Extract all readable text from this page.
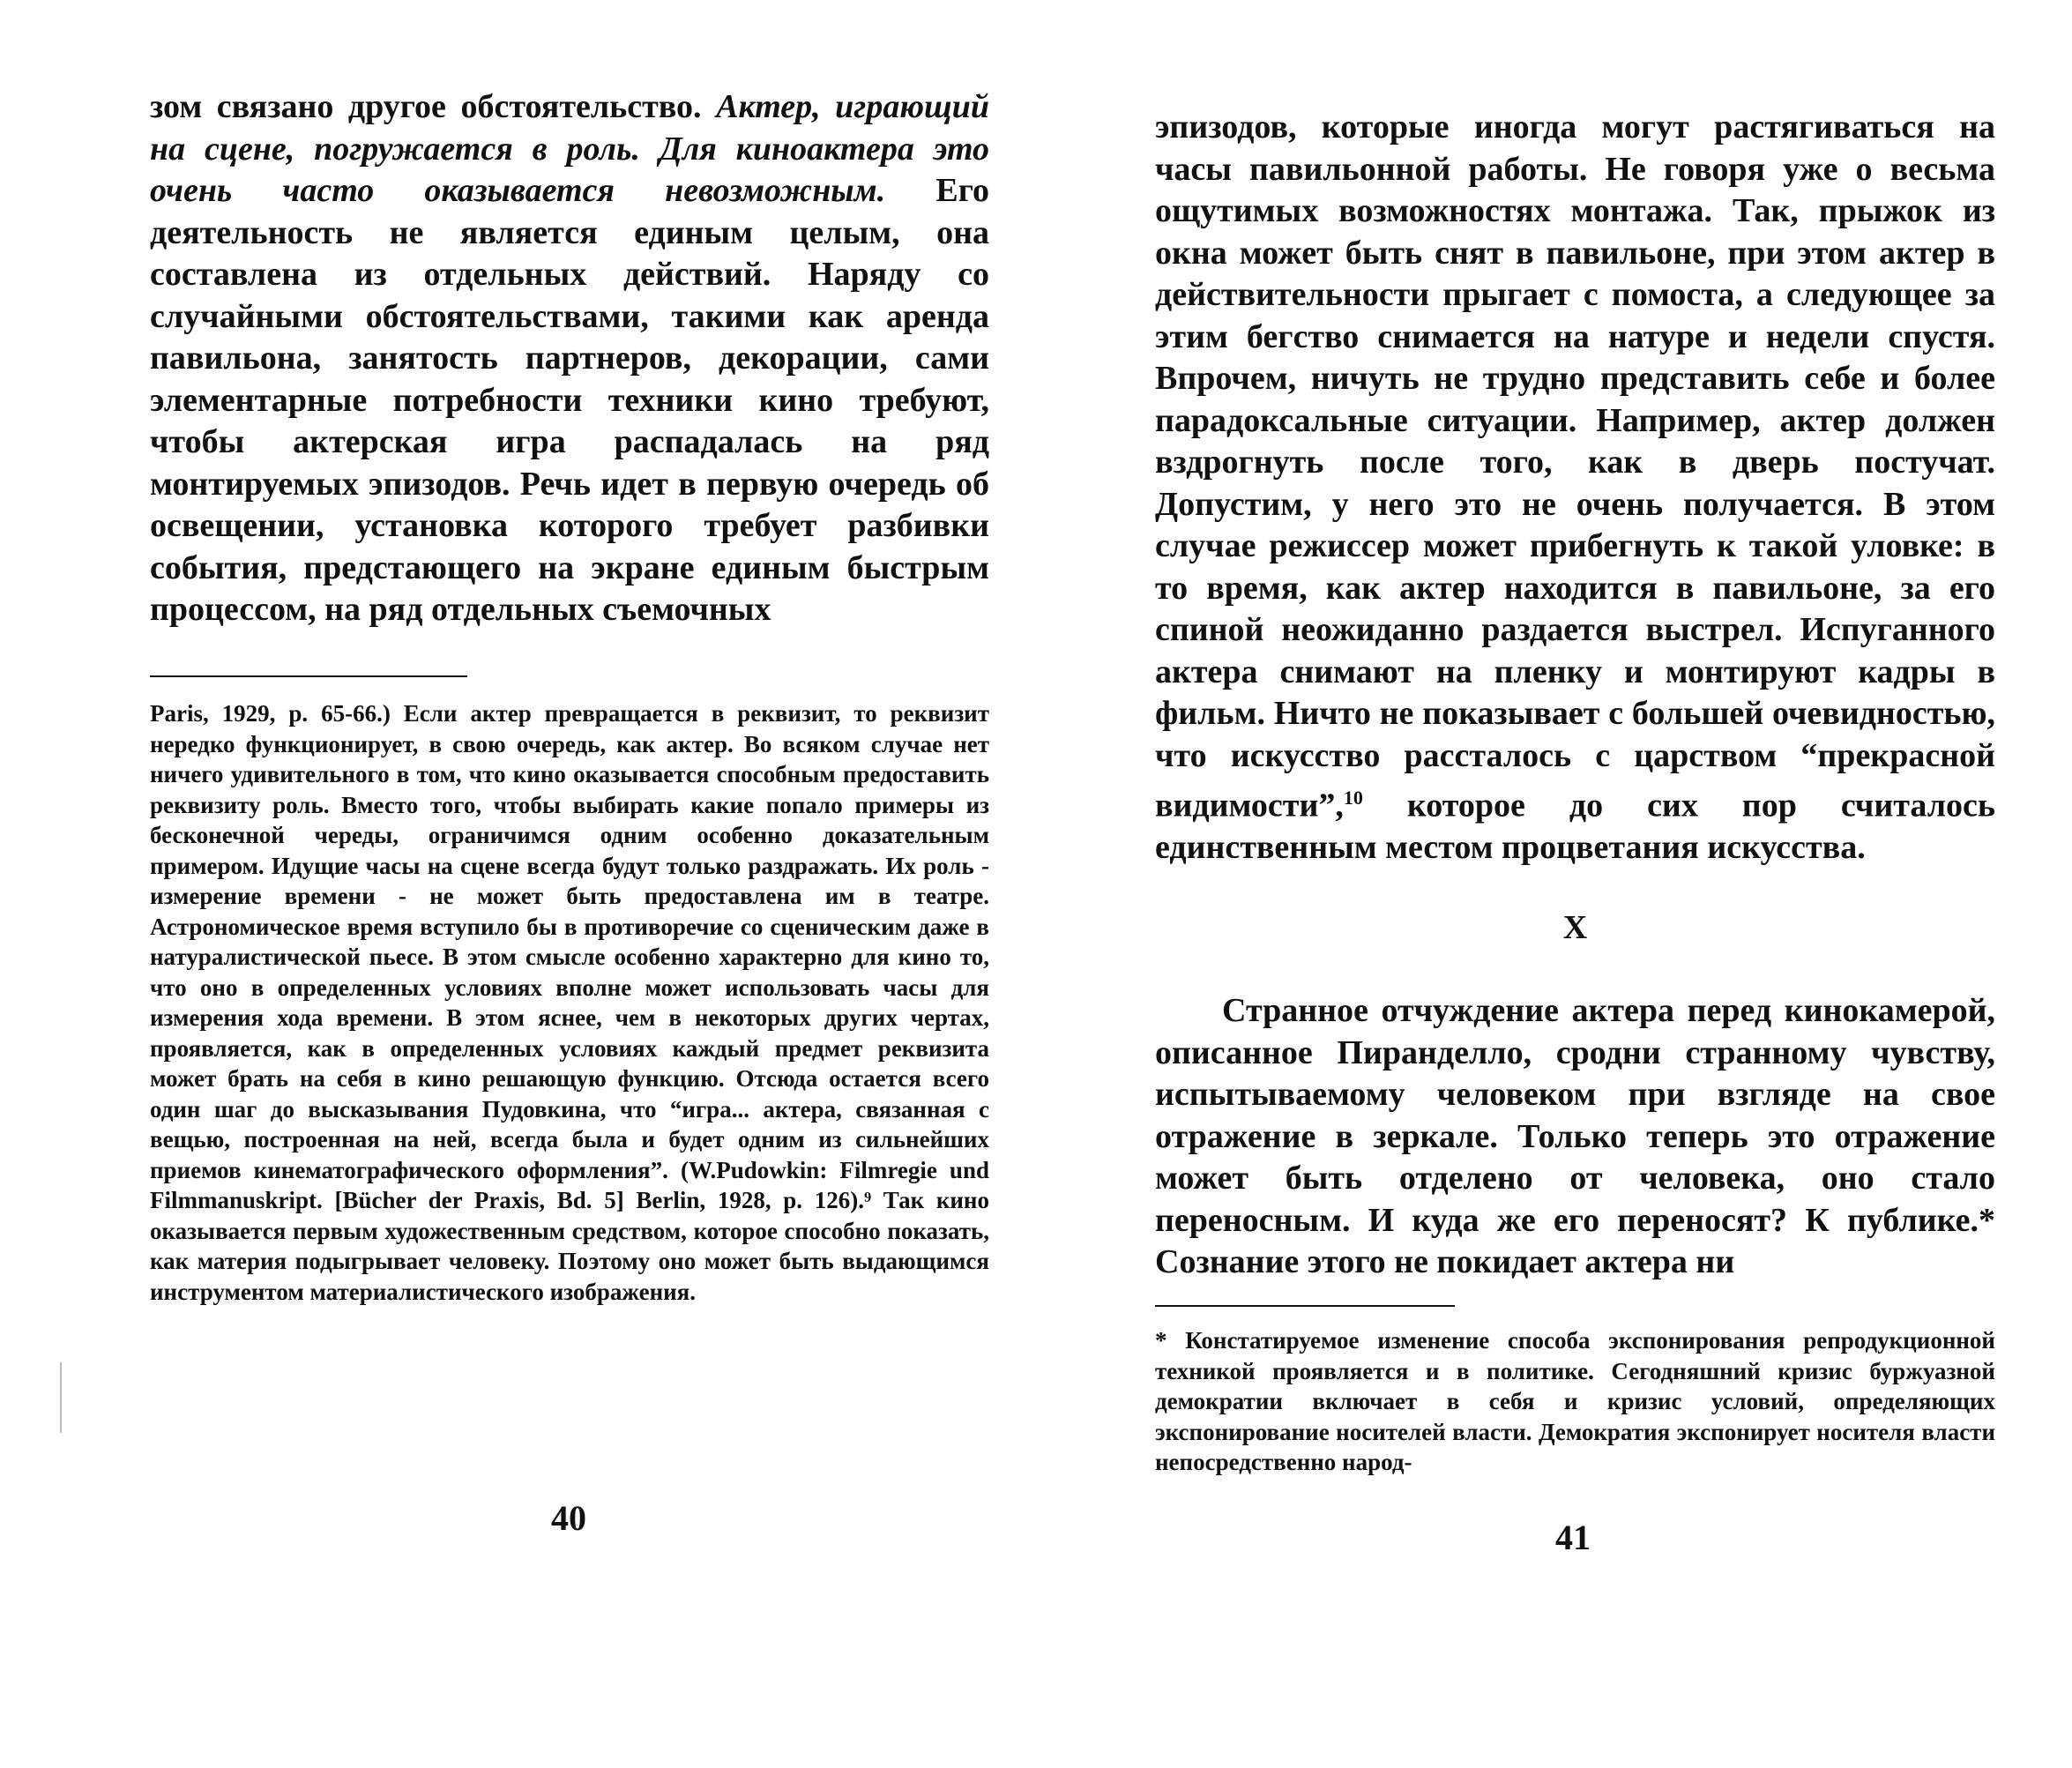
зом связано другое обстоятельство. Актер, играющий на сцене, погружается в роль. Для киноактера это очень часто оказывается невозможным. Его деятельность не является единым целым, она составлена из отдельных действий. Наряду со случайными обстоятельствами, такими как аренда павильона, занятость партнеров, декорации, сами элементарные потребности техники кино требуют, чтобы актерская игра распадалась на ряд монтируемых эпизодов. Речь идет в первую очередь об освещении, установка которого требует разбивки события, предстающего на экране единым быстрым процессом, на ряд отдельных съемочных

Paris, 1929, p. 65-66.) Если актер превращается в реквизит, то реквизит нередко функционирует, в свою очередь, как актер. Во всяком случае нет ничего удивительного в том, что кино оказывается способным предоставить реквизиту роль. Вместо того, чтобы выбирать какие попало примеры из бесконечной череды, ограничимся одним особенно доказательным примером. Идущие часы на сцене всегда будут только раздражать. Их роль - измерение времени - не может быть предоставлена им в театре. Астрономическое время вступило бы в противоречие со сценическим даже в натуралистической пьесе. В этом смысле особенно характерно для кино то, что оно в определенных условиях вполне может использовать часы для измерения хода времени. В этом яснее, чем в некоторых других чертах, проявляется, как в определенных условиях каждый предмет реквизита может брать на себя в кино решающую функцию. Отсюда остается всего один шаг до высказывания Пудовкина, что “игра... актера, связанная с вещью, построенная на ней, всегда была и будет одним из сильнейших приемов кинематографического оформления”. (W.Pudowkin: Filmregie und Filmmanuskript. [Bücher der Praxis, Bd. 5] Berlin, 1928, p. 126).⁹ Так кино оказывается первым художественным средством, которое способно показать, как материя подыгрывает человеку. Поэтому оно может быть выдающимся инструментом материалистического изображения.

40

эпизодов, которые иногда могут растягиваться на часы павильонной работы. Не говоря уже о весьма ощутимых возможностях монтажа. Так, прыжок из окна может быть снят в павильоне, при этом актер в действительности прыгает с помоста, а следующее за этим бегство снимается на натуре и недели спустя. Впрочем, ничуть не трудно представить себе и более парадоксальные ситуации. Например, актер должен вздрогнуть после того, как в дверь постучат. Допустим, у него это не очень получается. В этом случае режиссер может прибегнуть к такой уловке: в то время, как актер находится в павильоне, за его спиной неожиданно раздается выстрел. Испуганного актера снимают на пленку и монтируют кадры в фильм. Ничто не показывает с большей очевидностью, что искусство рассталось с царством “прекрасной видимости”,$^{10}$ которое до сих пор считалось единственным местом процветания искусства.

X

Странное отчуждение актера перед кинокамерой, описанное Пиранделло, сродни странному чувству, испытываемому человеком при взгляде на свое отражение в зеркале. Только теперь это отражение может быть отделено от человека, оно стало переносным. И куда же его переносят? К публике.* Сознание этого не покидает актера ни

* Констатируемое изменение способа экспонирования репродукционной техникой проявляется и в политике. Сегодняшний кризис буржуазной демократии включает в себя и кризис условий, определяющих экспонирование носителей власти. Демократия экспонирует носителя власти непосредственно народ-

41
